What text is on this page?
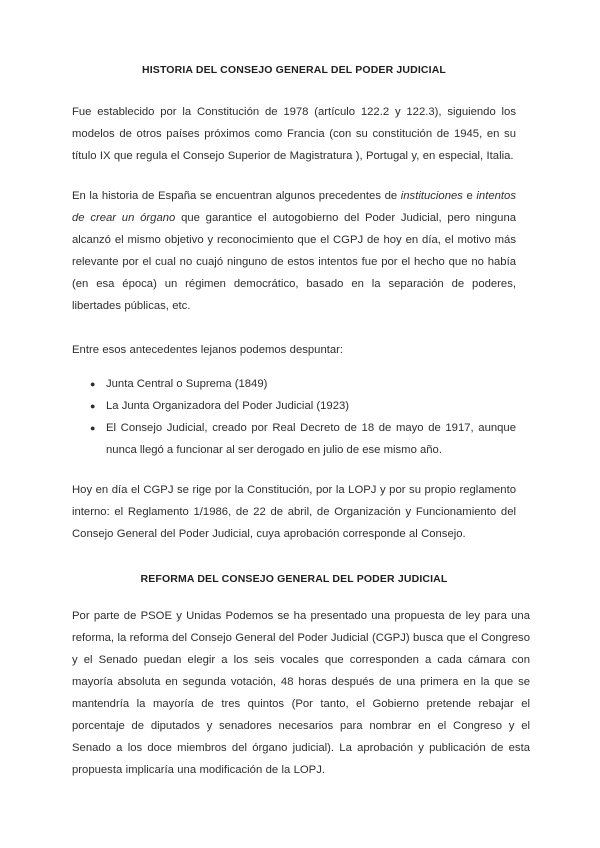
HISTORIA DEL CONSEJO GENERAL DEL PODER JUDICIAL

Fue establecido por la Constitución de 1978 (artículo 122.2 y 122.3), siguiendo los modelos de otros países próximos como Francia (con su constitución de 1945, en su título IX que regula el Consejo Superior de Magistratura ), Portugal y, en especial, Italia.

En la historia de España se encuentran algunos precedentes de instituciones e intentos de crear un órgano que garantice el autogobierno del Poder Judicial, pero ninguna alcanzó el mismo objetivo y reconocimiento que el CGPJ de hoy en día, el motivo más relevante por el cual no cuajó ninguno de estos intentos fue por el hecho que no había (en esa época) un régimen democrático, basado en la separación de poderes, libertades públicas, etc.

Entre esos antecedentes lejanos podemos despuntar:

● Junta Central o Suprema (1849)
● La Junta Organizadora del Poder Judicial (1923)
● El Consejo Judicial, creado por Real Decreto de 18 de mayo de 1917, aunque nunca llegó a funcionar al ser derogado en julio de ese mismo año.

Hoy en día el CGPJ se rige por la Constitución, por la LOPJ y por su propio reglamento interno: el Reglamento 1/1986, de 22 de abril, de Organización y Funcionamiento del Consejo General del Poder Judicial, cuya aprobación corresponde al Consejo.

REFORMA DEL CONSEJO GENERAL DEL PODER JUDICIAL

Por parte de PSOE y Unidas Podemos se ha presentado una propuesta de ley para una reforma, la reforma del Consejo General del Poder Judicial (CGPJ) busca que el Congreso y el Senado puedan elegir a los seis vocales que corresponden a cada cámara con mayoría absoluta en segunda votación, 48 horas después de una primera en la que se mantendría la mayoría de tres quintos (Por tanto, el Gobierno pretende rebajar el porcentaje de diputados y senadores necesarios para nombrar en el Congreso y el Senado a los doce miembros del órgano judicial). La aprobación y publicación de esta propuesta implicaría una modificación de la LOPJ.
